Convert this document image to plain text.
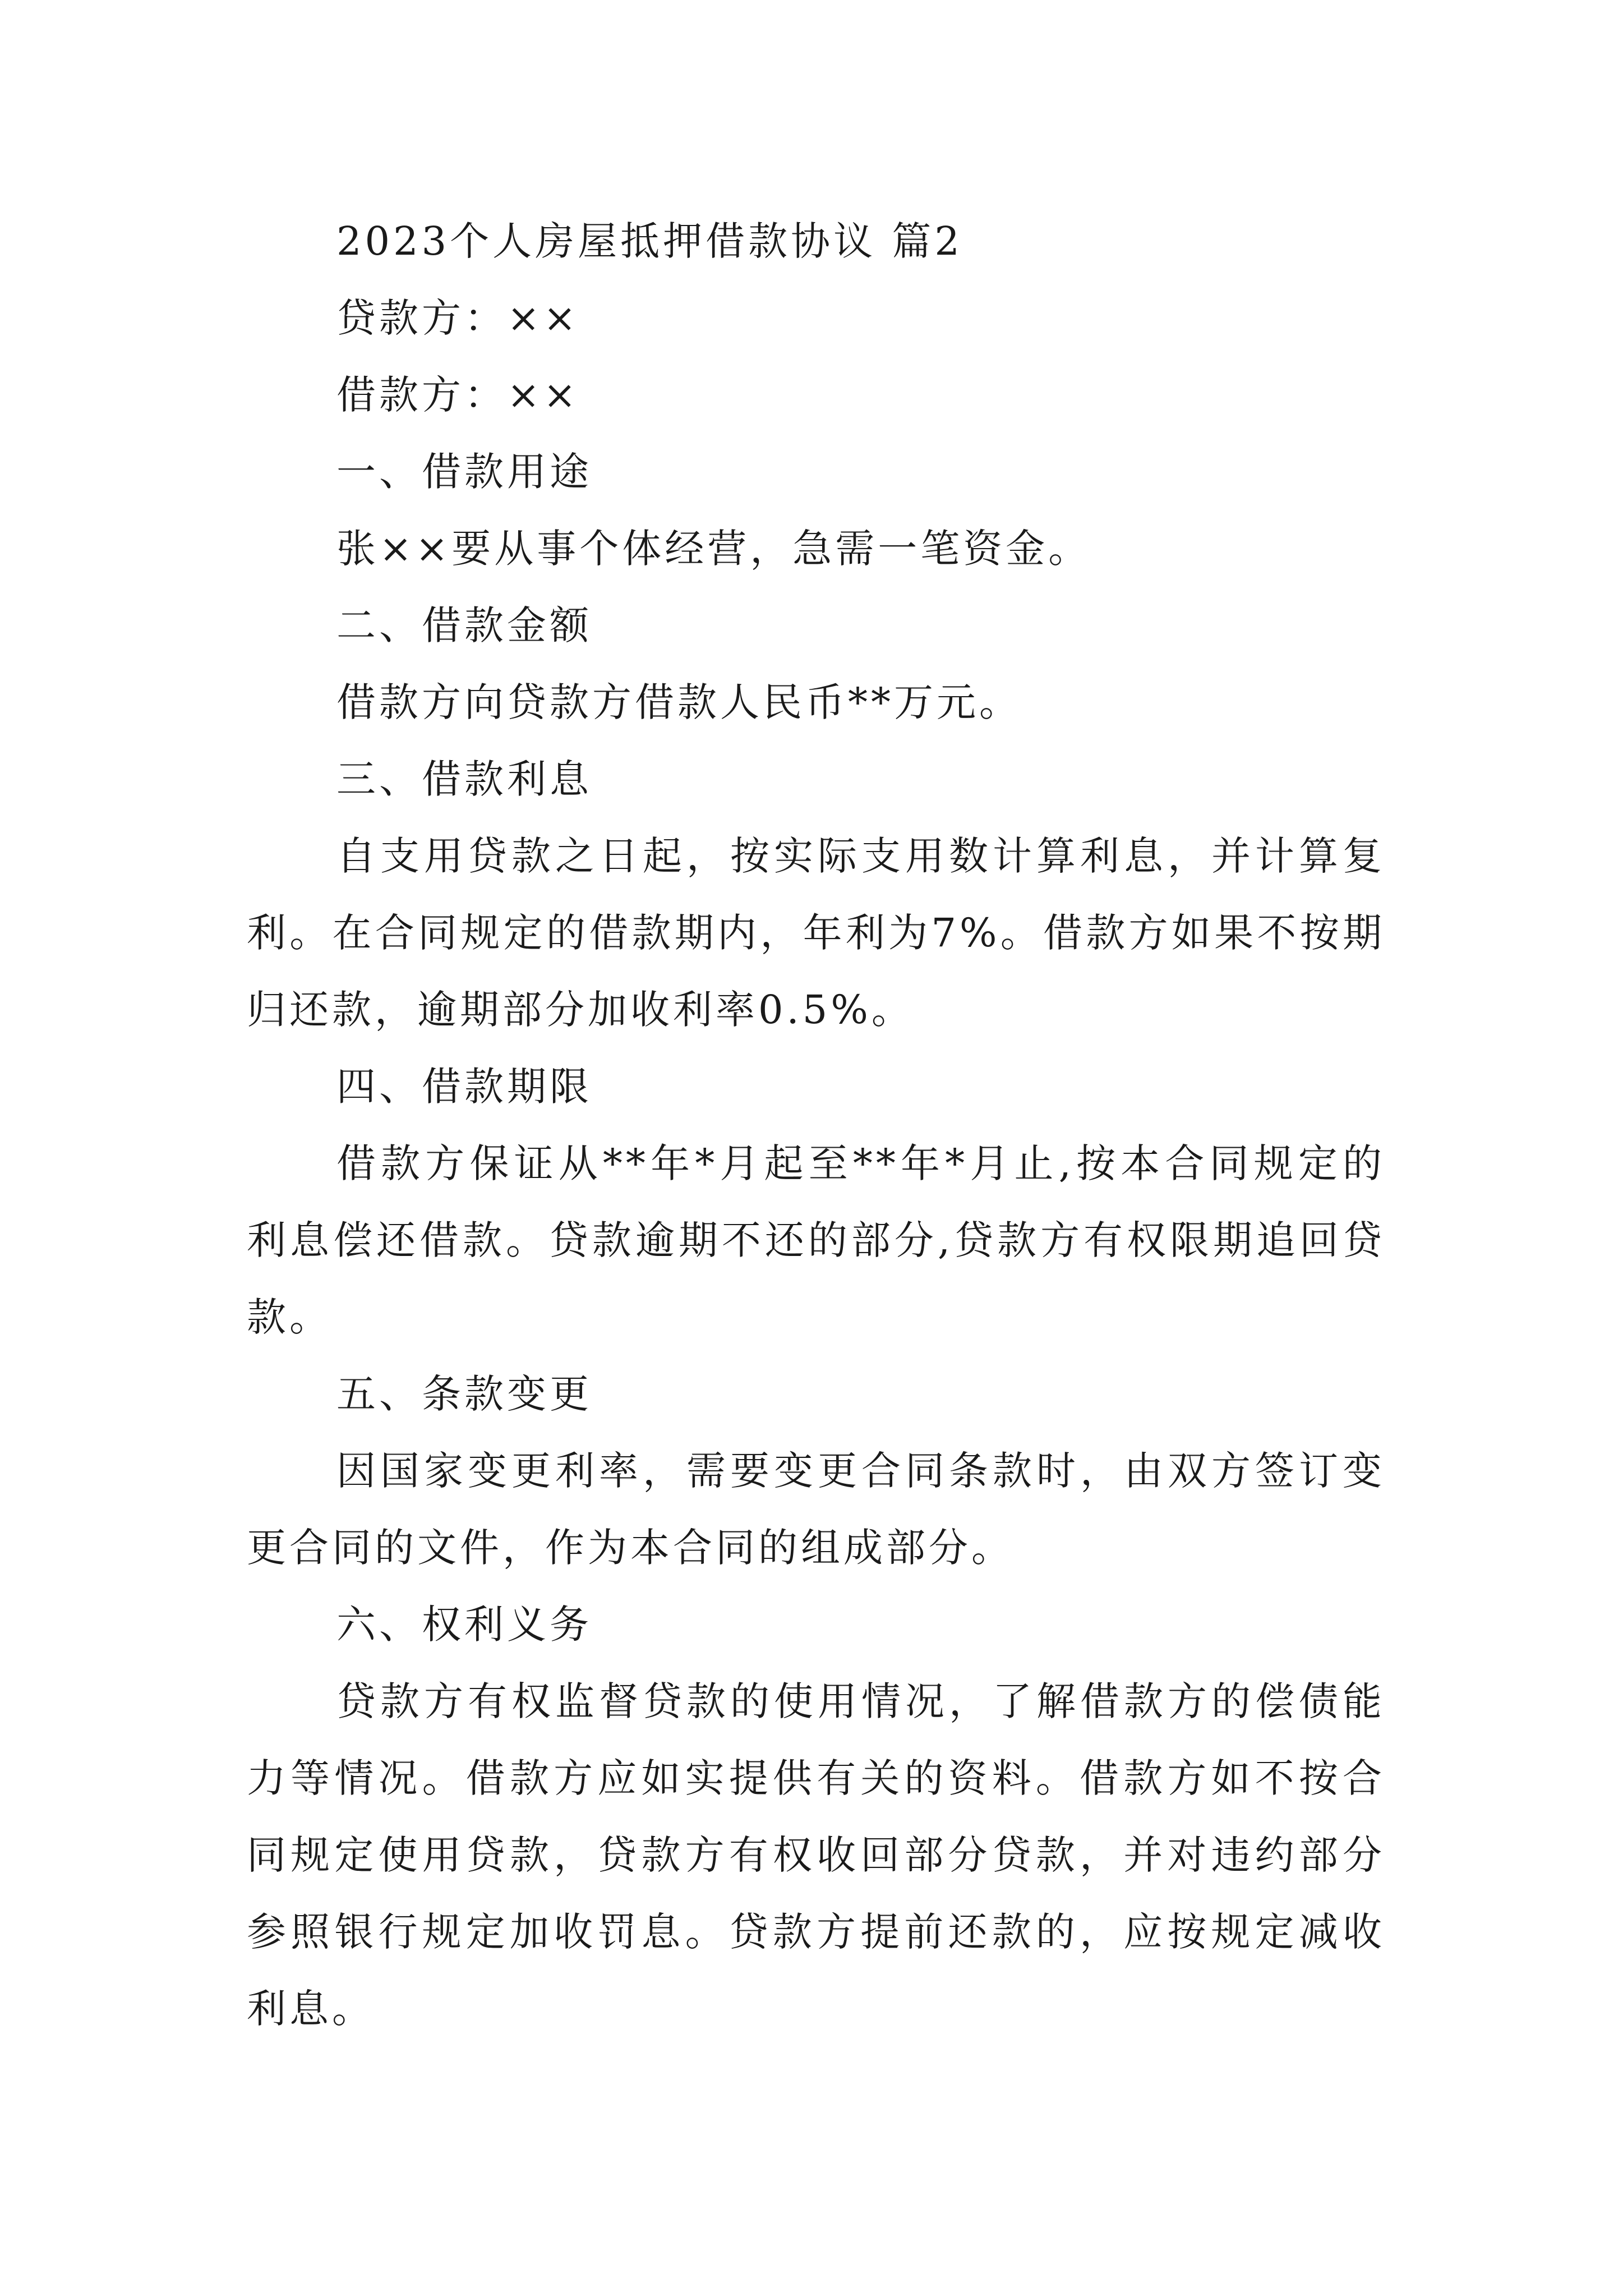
2023个人房屋抵押借款协议 篇2

贷款方：××

借款方：××

一、借款用途

张××要从事个体经营，急需一笔资金。

二、借款金额

借款方向贷款方借款人民币**万元。

三、借款利息

自支用贷款之日起，按实际支用数计算利息，并计算复利。在合同规定的借款期内，年利为7%。借款方如果不按期归还款，逾期部分加收利率0.5%。

四、借款期限

借款方保证从**年*月起至**年*月止,按本合同规定的利息偿还借款。贷款逾期不还的部分,贷款方有权限期追回贷款。

五、条款变更

因国家变更利率，需要变更合同条款时，由双方签订变更合同的文件，作为本合同的组成部分。

六、权利义务

贷款方有权监督贷款的使用情况，了解借款方的偿债能力等情况。借款方应如实提供有关的资料。借款方如不按合同规定使用贷款，贷款方有权收回部分贷款，并对违约部分参照银行规定加收罚息。贷款方提前还款的，应按规定减收利息。
